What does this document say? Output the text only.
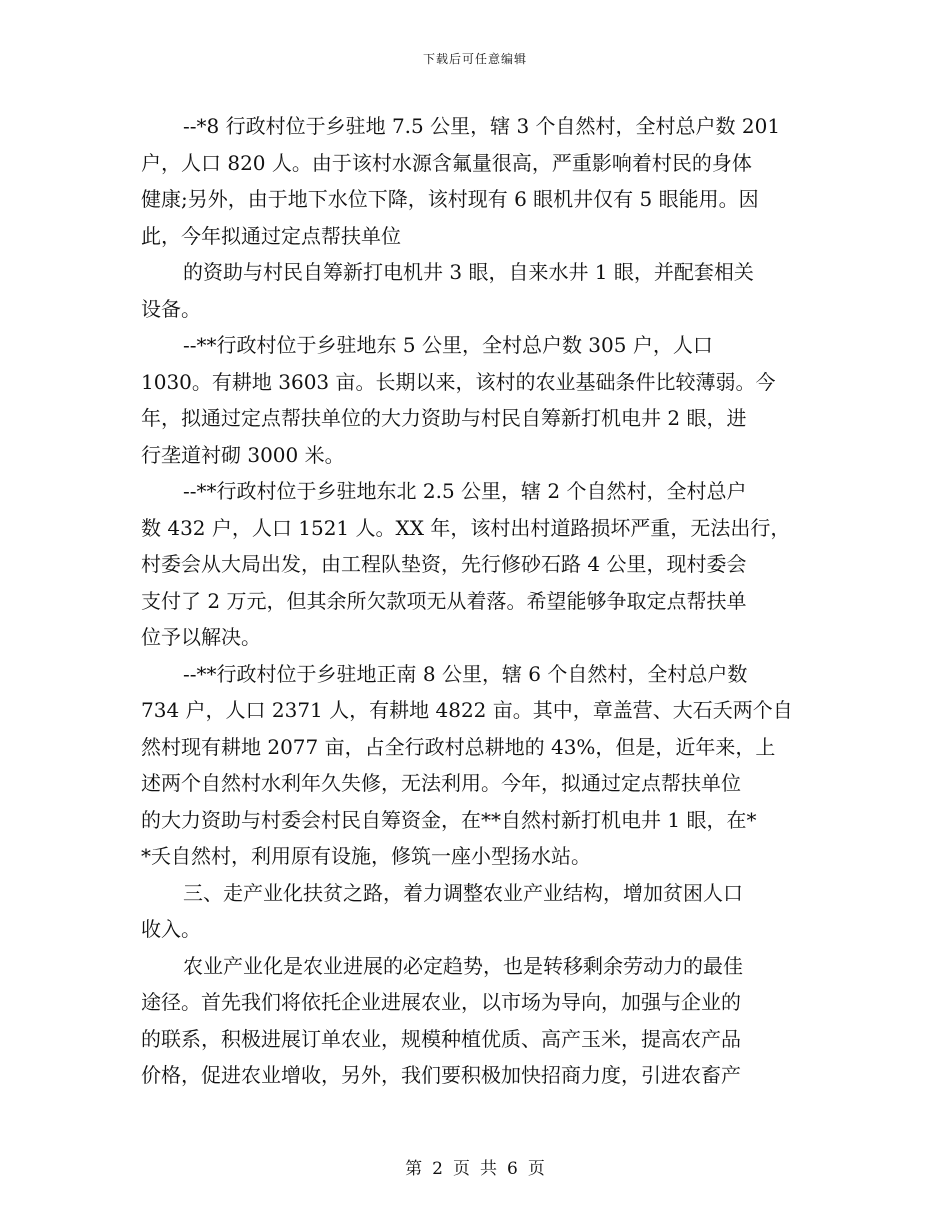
下载后可任意编辑
--*8 行政村位于乡驻地 7.5 公里，辖 3 个自然村，全村总户数 201
户，人口 820 人。由于该村水源含氟量很高，严重影响着村民的身体
健康;另外，由于地下水位下降，该村现有 6 眼机井仅有 5 眼能用。因
此，今年拟通过定点帮扶单位
的资助与村民自筹新打电机井 3 眼，自来水井 1 眼，并配套相关
设备。
--**行政村位于乡驻地东 5 公里，全村总户数 305 户，人口
1030。有耕地 3603 亩。长期以来，该村的农业基础条件比较薄弱。今
年，拟通过定点帮扶单位的大力资助与村民自筹新打机电井 2 眼，进
行垄道衬砌 3000 米。
--**行政村位于乡驻地东北 2.5 公里，辖 2 个自然村，全村总户
数 432 户，人口 1521 人。XX 年，该村出村道路损坏严重，无法出行，
村委会从大局出发，由工程队垫资，先行修砂石路 4 公里，现村委会
支付了 2 万元，但其余所欠款项无从着落。希望能够争取定点帮扶单
位予以解决。
--**行政村位于乡驻地正南 8 公里，辖 6 个自然村，全村总户数
734 户，人口 2371 人，有耕地 4822 亩。其中，章盖营、大石夭两个自
然村现有耕地 2077 亩，占全行政村总耕地的 43%，但是，近年来，上
述两个自然村水利年久失修，无法利用。今年，拟通过定点帮扶单位
的大力资助与村委会村民自筹资金，在**自然村新打机电井 1 眼，在*
*夭自然村，利用原有设施，修筑一座小型扬水站。
三、走产业化扶贫之路，着力调整农业产业结构，增加贫困人口
收入。
农业产业化是农业进展的必定趋势，也是转移剩余劳动力的最佳
途径。首先我们将依托企业进展农业，以市场为导向，加强与企业的
的联系，积极进展订单农业，规模种植优质、高产玉米，提高农产品
价格，促进农业增收，另外，我们要积极加快招商力度，引进农畜产
第 2 页 共 6 页
